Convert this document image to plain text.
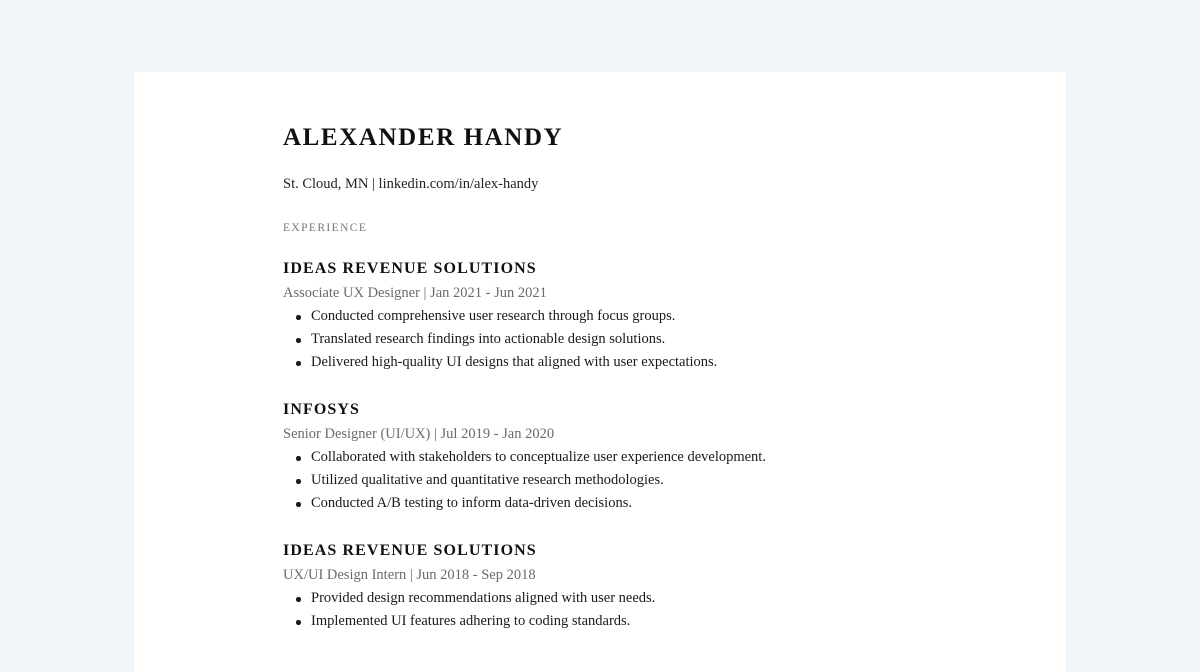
ALEXANDER HANDY
St. Cloud, MN | linkedin.com/in/alex-handy
EXPERIENCE
IDEAS REVENUE SOLUTIONS
Associate UX Designer | Jan 2021 - Jun 2021
Conducted comprehensive user research through focus groups.
Translated research findings into actionable design solutions.
Delivered high-quality UI designs that aligned with user expectations.
INFOSYS
Senior Designer (UI/UX) | Jul 2019 - Jan 2020
Collaborated with stakeholders to conceptualize user experience development.
Utilized qualitative and quantitative research methodologies.
Conducted A/B testing to inform data-driven decisions.
IDEAS REVENUE SOLUTIONS
UX/UI Design Intern | Jun 2018 - Sep 2018
Provided design recommendations aligned with user needs.
Implemented UI features adhering to coding standards.
